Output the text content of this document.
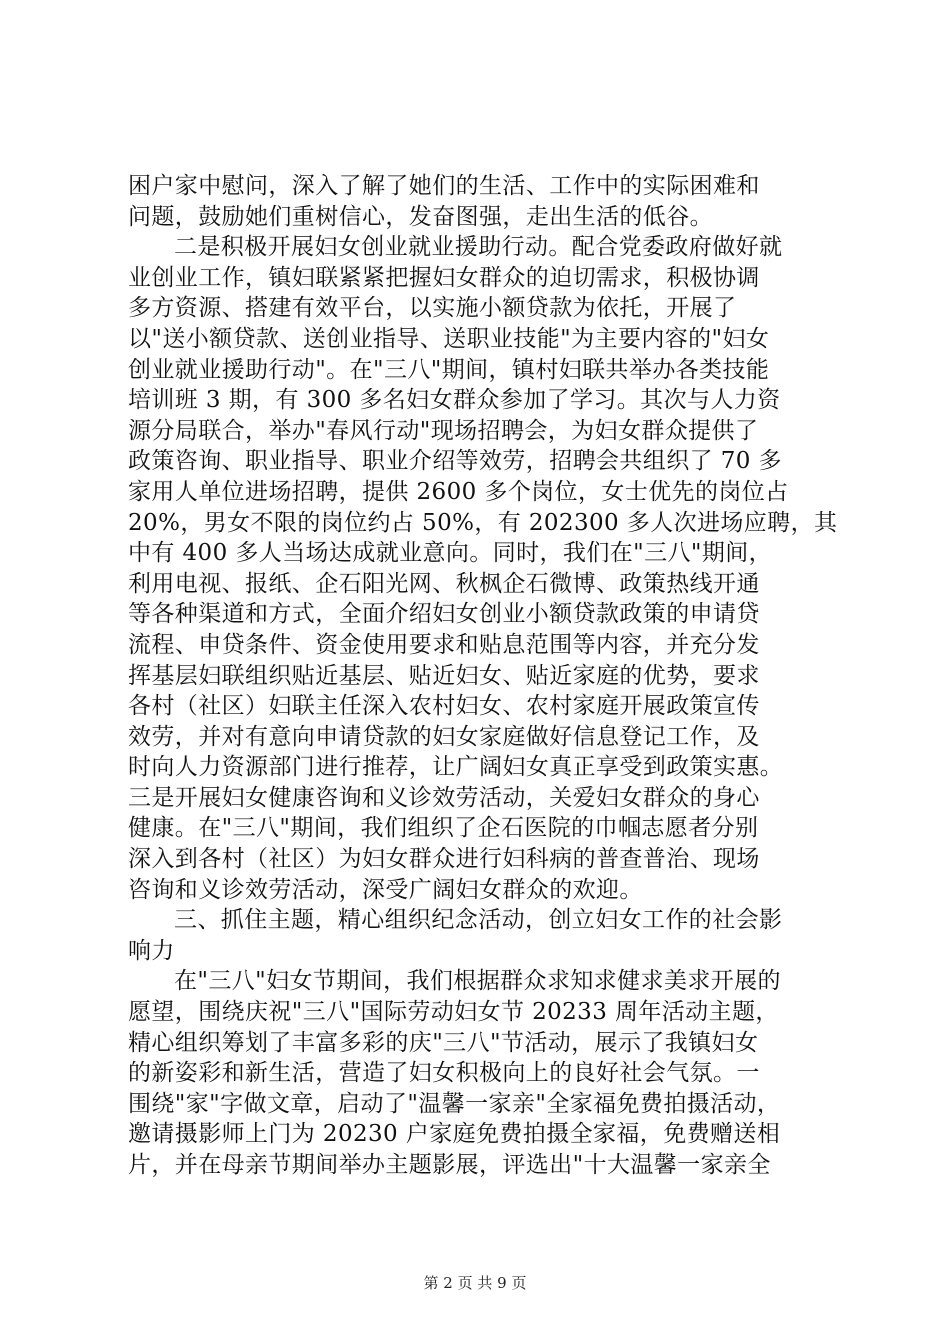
困户家中慰问，深入了解了她们的生活、工作中的实际困难和
问题，鼓励她们重树信心，发奋图强，走出生活的低谷。
二是积极开展妇女创业就业援助行动。配合党委政府做好就
业创业工作，镇妇联紧紧把握妇女群众的迫切需求，积极协调
多方资源、搭建有效平台，以实施小额贷款为依托，开展了
以"送小额贷款、送创业指导、送职业技能"为主要内容的"妇女
创业就业援助行动"。在"三八"期间，镇村妇联共举办各类技能
培训班 3 期，有 300 多名妇女群众参加了学习。其次与人力资
源分局联合，举办"春风行动"现场招聘会，为妇女群众提供了
政策咨询、职业指导、职业介绍等效劳，招聘会共组织了 70 多
家用人单位进场招聘，提供 2600 多个岗位，女士优先的岗位占
20%，男女不限的岗位约占 50%，有 202300 多人次进场应聘，其
中有 400 多人当场达成就业意向。同时，我们在"三八"期间，
利用电视、报纸、企石阳光网、秋枫企石微博、政策热线开通
等各种渠道和方式，全面介绍妇女创业小额贷款政策的申请贷
流程、申贷条件、资金使用要求和贴息范围等内容，并充分发
挥基层妇联组织贴近基层、贴近妇女、贴近家庭的优势，要求
各村（社区）妇联主任深入农村妇女、农村家庭开展政策宣传
效劳，并对有意向申请贷款的妇女家庭做好信息登记工作，及
时向人力资源部门进行推荐，让广阔妇女真正享受到政策实惠。
三是开展妇女健康咨询和义诊效劳活动，关爱妇女群众的身心
健康。在"三八"期间，我们组织了企石医院的巾帼志愿者分别
深入到各村（社区）为妇女群众进行妇科病的普查普治、现场
咨询和义诊效劳活动，深受广阔妇女群众的欢迎。
三、抓住主题，精心组织纪念活动，创立妇女工作的社会影
响力
在"三八"妇女节期间，我们根据群众求知求健求美求开展的
愿望，围绕庆祝"三八"国际劳动妇女节 20233 周年活动主题，
精心组织筹划了丰富多彩的庆"三八"节活动，展示了我镇妇女
的新姿彩和新生活，营造了妇女积极向上的良好社会气氛。一
围绕"家"字做文章，启动了"温馨一家亲"全家福免费拍摄活动，
邀请摄影师上门为 20230 户家庭免费拍摄全家福，免费赠送相
片，并在母亲节期间举办主题影展，评选出"十大温馨一家亲全
第 2 页 共 9 页
